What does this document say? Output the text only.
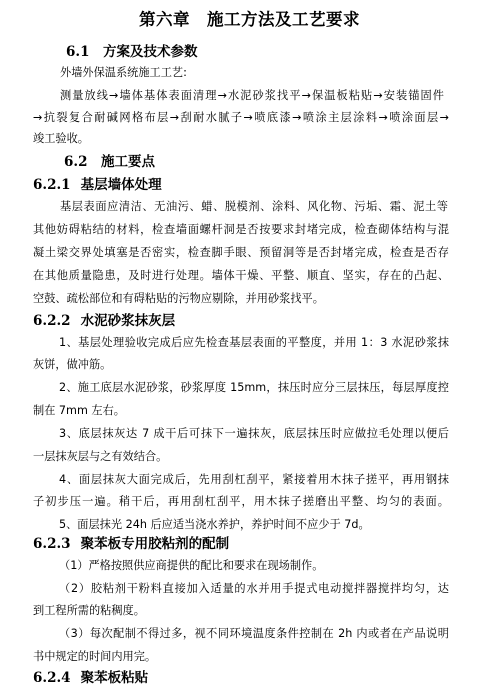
第六章　施工方法及工艺要求
6.1　方案及技术参数
外墙外保温系统施工工艺:
测量放线→墙体基体表面清理→水泥砂浆找平→保温板粘贴→安装锚固件
→抗裂复合耐碱网格布层→刮耐水腻子→喷底漆→喷涂主层涂料→喷涂面层→
竣工验收。
6.2　施工要点
6.2.1 基层墙体处理
基层表面应清洁、无油污、蜡、脱模剂、涂料、风化物、污垢、霜、泥土等
其他妨碍粘结的材料，检查墙面螺杆洞是否按要求封堵完成，检查砌体结构与混
凝土梁交界处填塞是否密实，检查脚手眼、预留洞等是否封堵完成，检查是否存
在其他质量隐患，及时进行处理。墙体干燥、平整、顺直、坚实，存在的凸起、
空鼓、疏松部位和有碍粘贴的污物应剔除，并用砂浆找平。
6.2.2 水泥砂浆抹灰层
1、基层处理验收完成后应先检查基层表面的平整度，并用 1：3 水泥砂浆抹
灰饼，做冲筋。
2、施工底层水泥砂浆，砂浆厚度 15mm，抹压时应分三层抹压，每层厚度控
制在 7mm 左右。
3、底层抹灰达 7 成干后可抹下一遍抹灰，底层抹压时应做拉毛处理以便后
一层抹灰层与之有效结合。
4、面层抹灰大面完成后，先用刮杠刮平，紧接着用木抹子搓平，再用钢抹
子初步压一遍。稍干后，再用刮杠刮平，用木抹子搓磨出平整、均匀的表面。
5、面层抹光 24h 后应适当浇水养护，养护时间不应少于 7d。
6.2.3 聚苯板专用胶粘剂的配制
（1）严格按照供应商提供的配比和要求在现场制作。
（2）胶粘剂干粉料直接加入适量的水并用手提式电动搅拌器搅拌均匀，达
到工程所需的粘稠度。
（3）每次配制不得过多，视不同环境温度条件控制在 2h 内或者在产品说明
书中规定的时间内用完。
6.2.4 聚苯板粘贴
